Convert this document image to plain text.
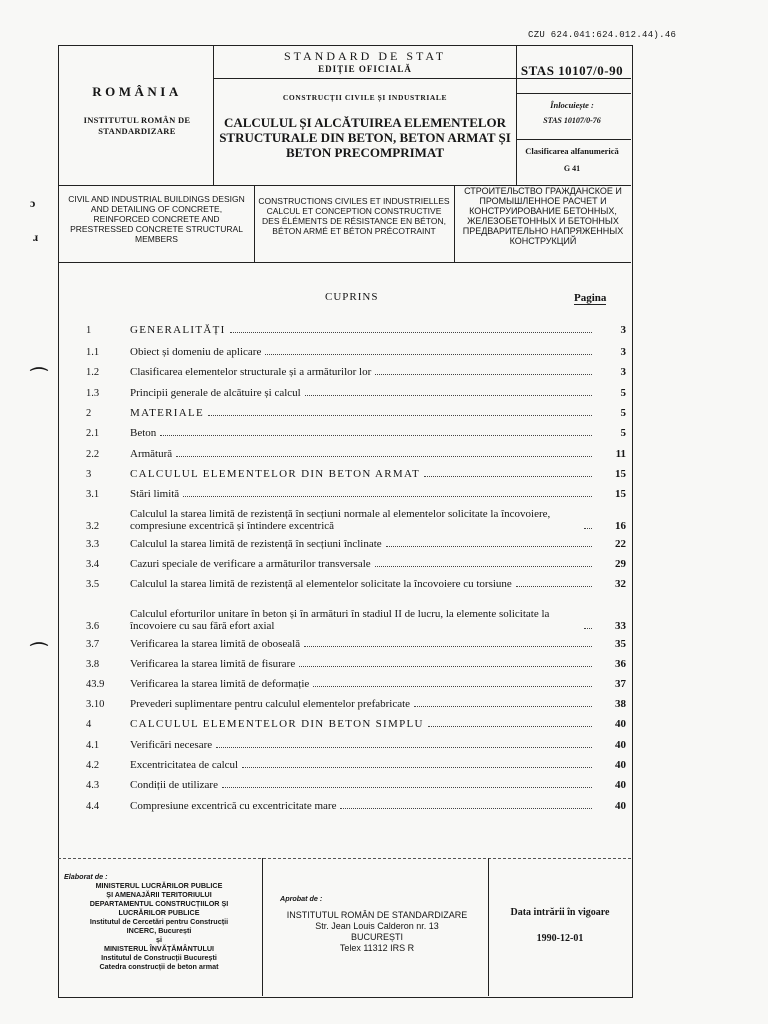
CZU 624.041:624.012.44).46
STANDARD DE STAT
EDIȚIE OFICIALĂ
CONSTRUCȚII CIVILE ȘI INDUSTRIALE
CALCULUL ȘI ALCĂTUIREA ELEMENTELOR STRUCTURALE DIN BETON, BETON ARMAT ȘI BETON PRECOMPRIMAT
ROMÂNIA
INSTITUTUL ROMÂN DE STANDARDIZARE
STAS 10107/0-90
Înlocuiește :
STAS 10107/0-76
Clasificarea alfanumerică
G 41
CIVIL AND INDUSTRIAL BUILDINGS DESIGN AND DETAILING OF CONCRETE, REINFORCED CONCRETE AND PRESTRESSED CONCRETE STRUCTURAL MEMBERS
CONSTRUCTIONS CIVILES ET INDUSTRIELLES CALCUL ET CONCEPTION CONSTRUCTIVE DES ÉLÉMENTS DE RÉSISTANCE EN BÉTON, BÉTON ARMÉ ET BÉTON PRÉCOTRAINT
СТРОИТЕЛЬСТВО ГРАЖДАНСКОЕ И ПРОМЫШЛЕННОЕ РАСЧЕТ И КОНСТРУИРОВАНИЕ БЕТОННЫХ, ЖЕЛЕЗОБЕТОННЫХ И БЕТОННЫХ ПРЕДВАРИТЕЛЬНО НАПРЯЖЕННЫХ КОНСТРУКЦИЙ
CUPRINS	Pagina
1	GENERALITĂȚI	3
1.1	Obiect și domeniu de aplicare	3
1.2	Clasificarea elementelor structurale și a armăturilor lor	3
1.3	Principii generale de alcătuire și calcul	5
2	MATERIALE	5
2.1	Beton	5
2.2	Armătură	11
3	CALCULUL ELEMENTELOR DIN BETON ARMAT	15
3.1	Stări limită	15
3.2
Calculul la starea limită de rezistență în secțiuni normale al elementelor solicitate la încovoiere, compresiune excentrică și întindere excentrică	16
3.3	Calculul la starea limită de rezistență în secțiuni înclinate	22
3.4	Cazuri speciale de verificare a armăturilor transversale	29
3.5	Calculul la starea limită de rezistență al elementelor solicitate la încovoiere cu torsiune	32
3.6
Calculul eforturilor unitare în beton și în armături în stadiul II de lucru, la elemente solicitate la încovoiere cu sau fără efort axial	33
3.7	Verificarea la starea limită de oboseală	35
3.8	Verificarea la starea limită de fisurare	36
43.9	Verificarea la starea limită de deformație	37
3.10	Prevederi suplimentare pentru calculul elementelor prefabricate	38
4	CALCULUL ELEMENTELOR DIN BETON SIMPLU	40
4.1	Verificări necesare	40
4.2	Excentricitatea de calcul	40
4.3	Condiții de utilizare	40
4.4	Compresiune excentrică cu excentricitate mare	40
Elaborat de :
MINISTERUL LUCRĂRILOR PUBLICE
ȘI AMENAJĂRII TERITORIULUI
DEPARTAMENTUL CONSTRUCȚIILOR ȘI
LUCRĂRILOR PUBLICE
Institutul de Cercetări pentru Construcții
INCERC, București
și
MINISTERUL ÎNVĂȚĂMÂNTULUI
Institutul de Construcții București
Catedra construcții de beton armat
Aprobat de :
INSTITUTUL ROMÂN DE STANDARDIZARE
Str. Jean Louis Calderon nr. 13
BUCUREȘTI
Telex 11312 IRS R
Data intrării în vigoare
1990-12-01
ɔ
ɹ
⌒
⌒
